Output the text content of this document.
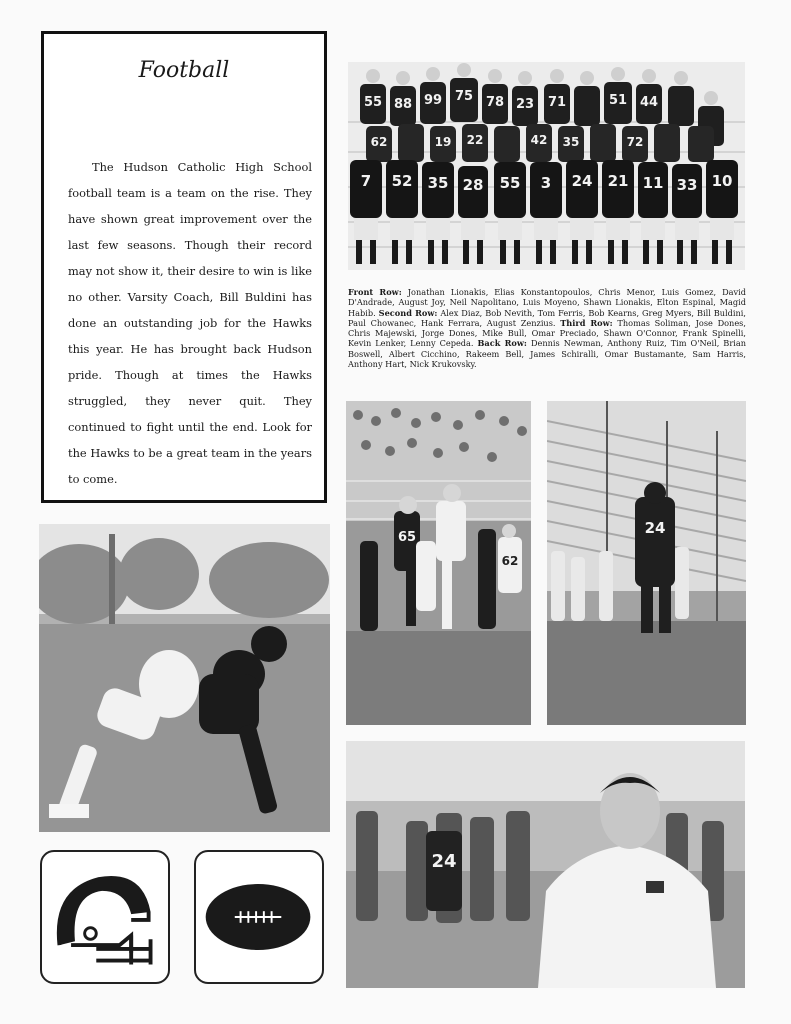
Football

The Hudson Catholic High School football team is a team on the rise. They have shown great improvement over the last few seasons. Though their record may not show it, their desire to win is like no other. Varsity Coach, Bill Buldini has done an outstanding job for the Hawks this year. He has brought back Hudson pride. Though at times the Hawks struggled, they never quit. They continued to fight until the end. Look for the Hawks to be a great team in the years to come.

55 88 99 75 78 23 71	51 44
62	19 22	42 35	72
7 52 35 28 55 3 24 21 11 33 10

Front Row: Jonathan Lionakis, Elias Konstantopoulos, Chris Menor, Luis Gomez, David D'Andrade, August Joy, Neil Napolitano, Luis Moyeno, Shawn Lionakis, Elton Espinal, Magid Habib. Second Row: Alex Diaz, Bob Nevith, Tom Ferris, Bob Kearns, Greg Myers, Bill Buldini, Paul Chowanec, Hank Ferrara, August Zenzius. Third Row: Thomas Soliman, Jose Dones, Chris Majewski, Jorge Dones, Mike Bull, Omar Preciado, Shawn O'Connor, Frank Spinelli, Kevin Lenker, Lenny Cepeda. Back Row: Dennis Newman, Anthony Ruiz, Tim O'Neil, Brian Boswell, Albert Cicchino, Rakeem Bell, James Schiralli, Omar Bustamante, Sam Harris, Anthony Hart, Nick Krukovsky.

65
62
24
24
